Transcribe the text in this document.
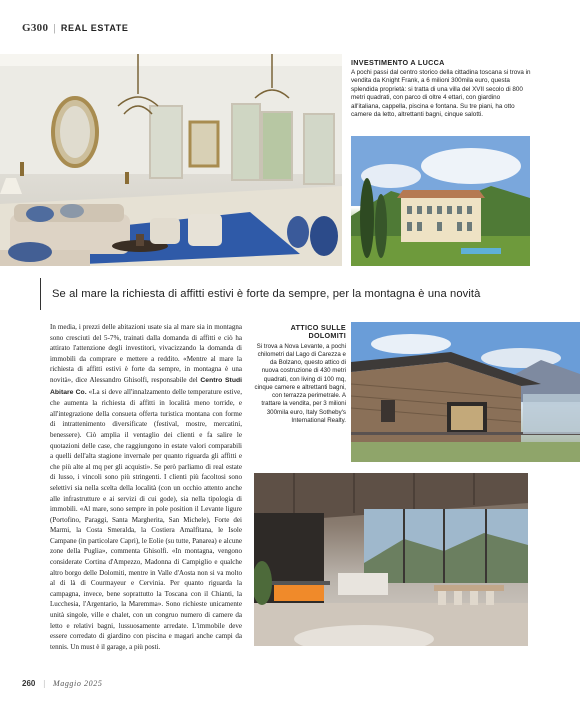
G300 | REAL ESTATE
INVESTIMENTO A LUCCA
A pochi passi dal centro storico della cittadina toscana si trova in vendita da Knight Frank, a 6 milioni 300mila euro, questa splendida proprietà: si tratta di una villa del XVII secolo di 800 metri quadrati, con parco di oltre 4 ettari, con giardino all'italiana, cappella, piscina e fontana. Su tre piani, ha otto camere da letto, altrettanti bagni, cinque salotti.
Se al mare la richiesta di affitti estivi è forte da sempre, per la montagna è una novità
In media, i prezzi delle abitazioni usate sia al mare sia in montagna sono cresciuti del 5-7%, trainati dalla domanda di affitti e ciò ha attirato l'attenzione degli investitori, vivacizzando la domanda di immobili da comprare e mettere a reddito. «Mentre al mare la richiesta di affitti estivi è forte da sempre, in montagna è una novità», dice Alessandro Ghisolfi, responsabile del Centro Studi Abitare Co. «La si deve all'innalzamento delle temperature estive, che aumenta la richiesta di affitti in località meno torride, e all'integrazione della consueta offerta turistica montana con forme di intrattenimento diversificate (festival, mostre, mercatini, benessere). Ciò amplia il ventaglio dei clienti e fa salire le quotazioni delle case, che raggiungono in estate valori comparabili a quelli dell'alta stagione invernale per quanto riguarda gli affitti e che più alte al mq per gli acquisti». Se però parliamo di real estate di lusso, i vincoli sono più stringenti. I clienti più facoltosi sono selettivi sia nella scelta della località (con un occhio attento anche alle infrastrutture e ai servizi di cui gode), sia nella tipologia di immobili. «Al mare, sono sempre in pole position il Levante ligure (Portofino, Paraggi, Santa Margherita, San Michele), Forte dei Marmi, la Costa Smeralda, la Costiera Amalfitana, le Isole Campane (in particolare Capri), le Eolie (su tutte, Panarea) e alcune zone della Puglia», commenta Ghisolfi. «In montagna, vengono considerate Cortina d'Ampezzo, Madonna di Campiglio e qualche altro borgo delle Dolomiti, mentre in Valle d'Aosta non si va molto al di là di Courmayeur e Cervinia. Per quanto riguarda la campagna, invece, bene soprattutto la Toscana con il Chianti, la Lucchesia, l'Argentario, la Maremma». Sono richieste unicamente unità singole, ville e chalet, con un congruo numero di camere da letto e relativi bagni, lussuosamente arredate. L'immobile deve essere corredato di giardino con piscina e magari anche campi da tennis. Un must è il garage, a più posti.
ATTICO SULLE DOLOMITI
Si trova a Nova Levante, a pochi chilometri dal Lago di Carezza e da Bolzano, questo attico di nuova costruzione di 430 metri quadrati, con living di 100 mq, cinque camere e altrettanti bagni, con terrazza perimetrale. A trattare la vendita, per 3 milioni 300mila euro, Italy Sotheby's International Realty.
260 | Maggio 2025
